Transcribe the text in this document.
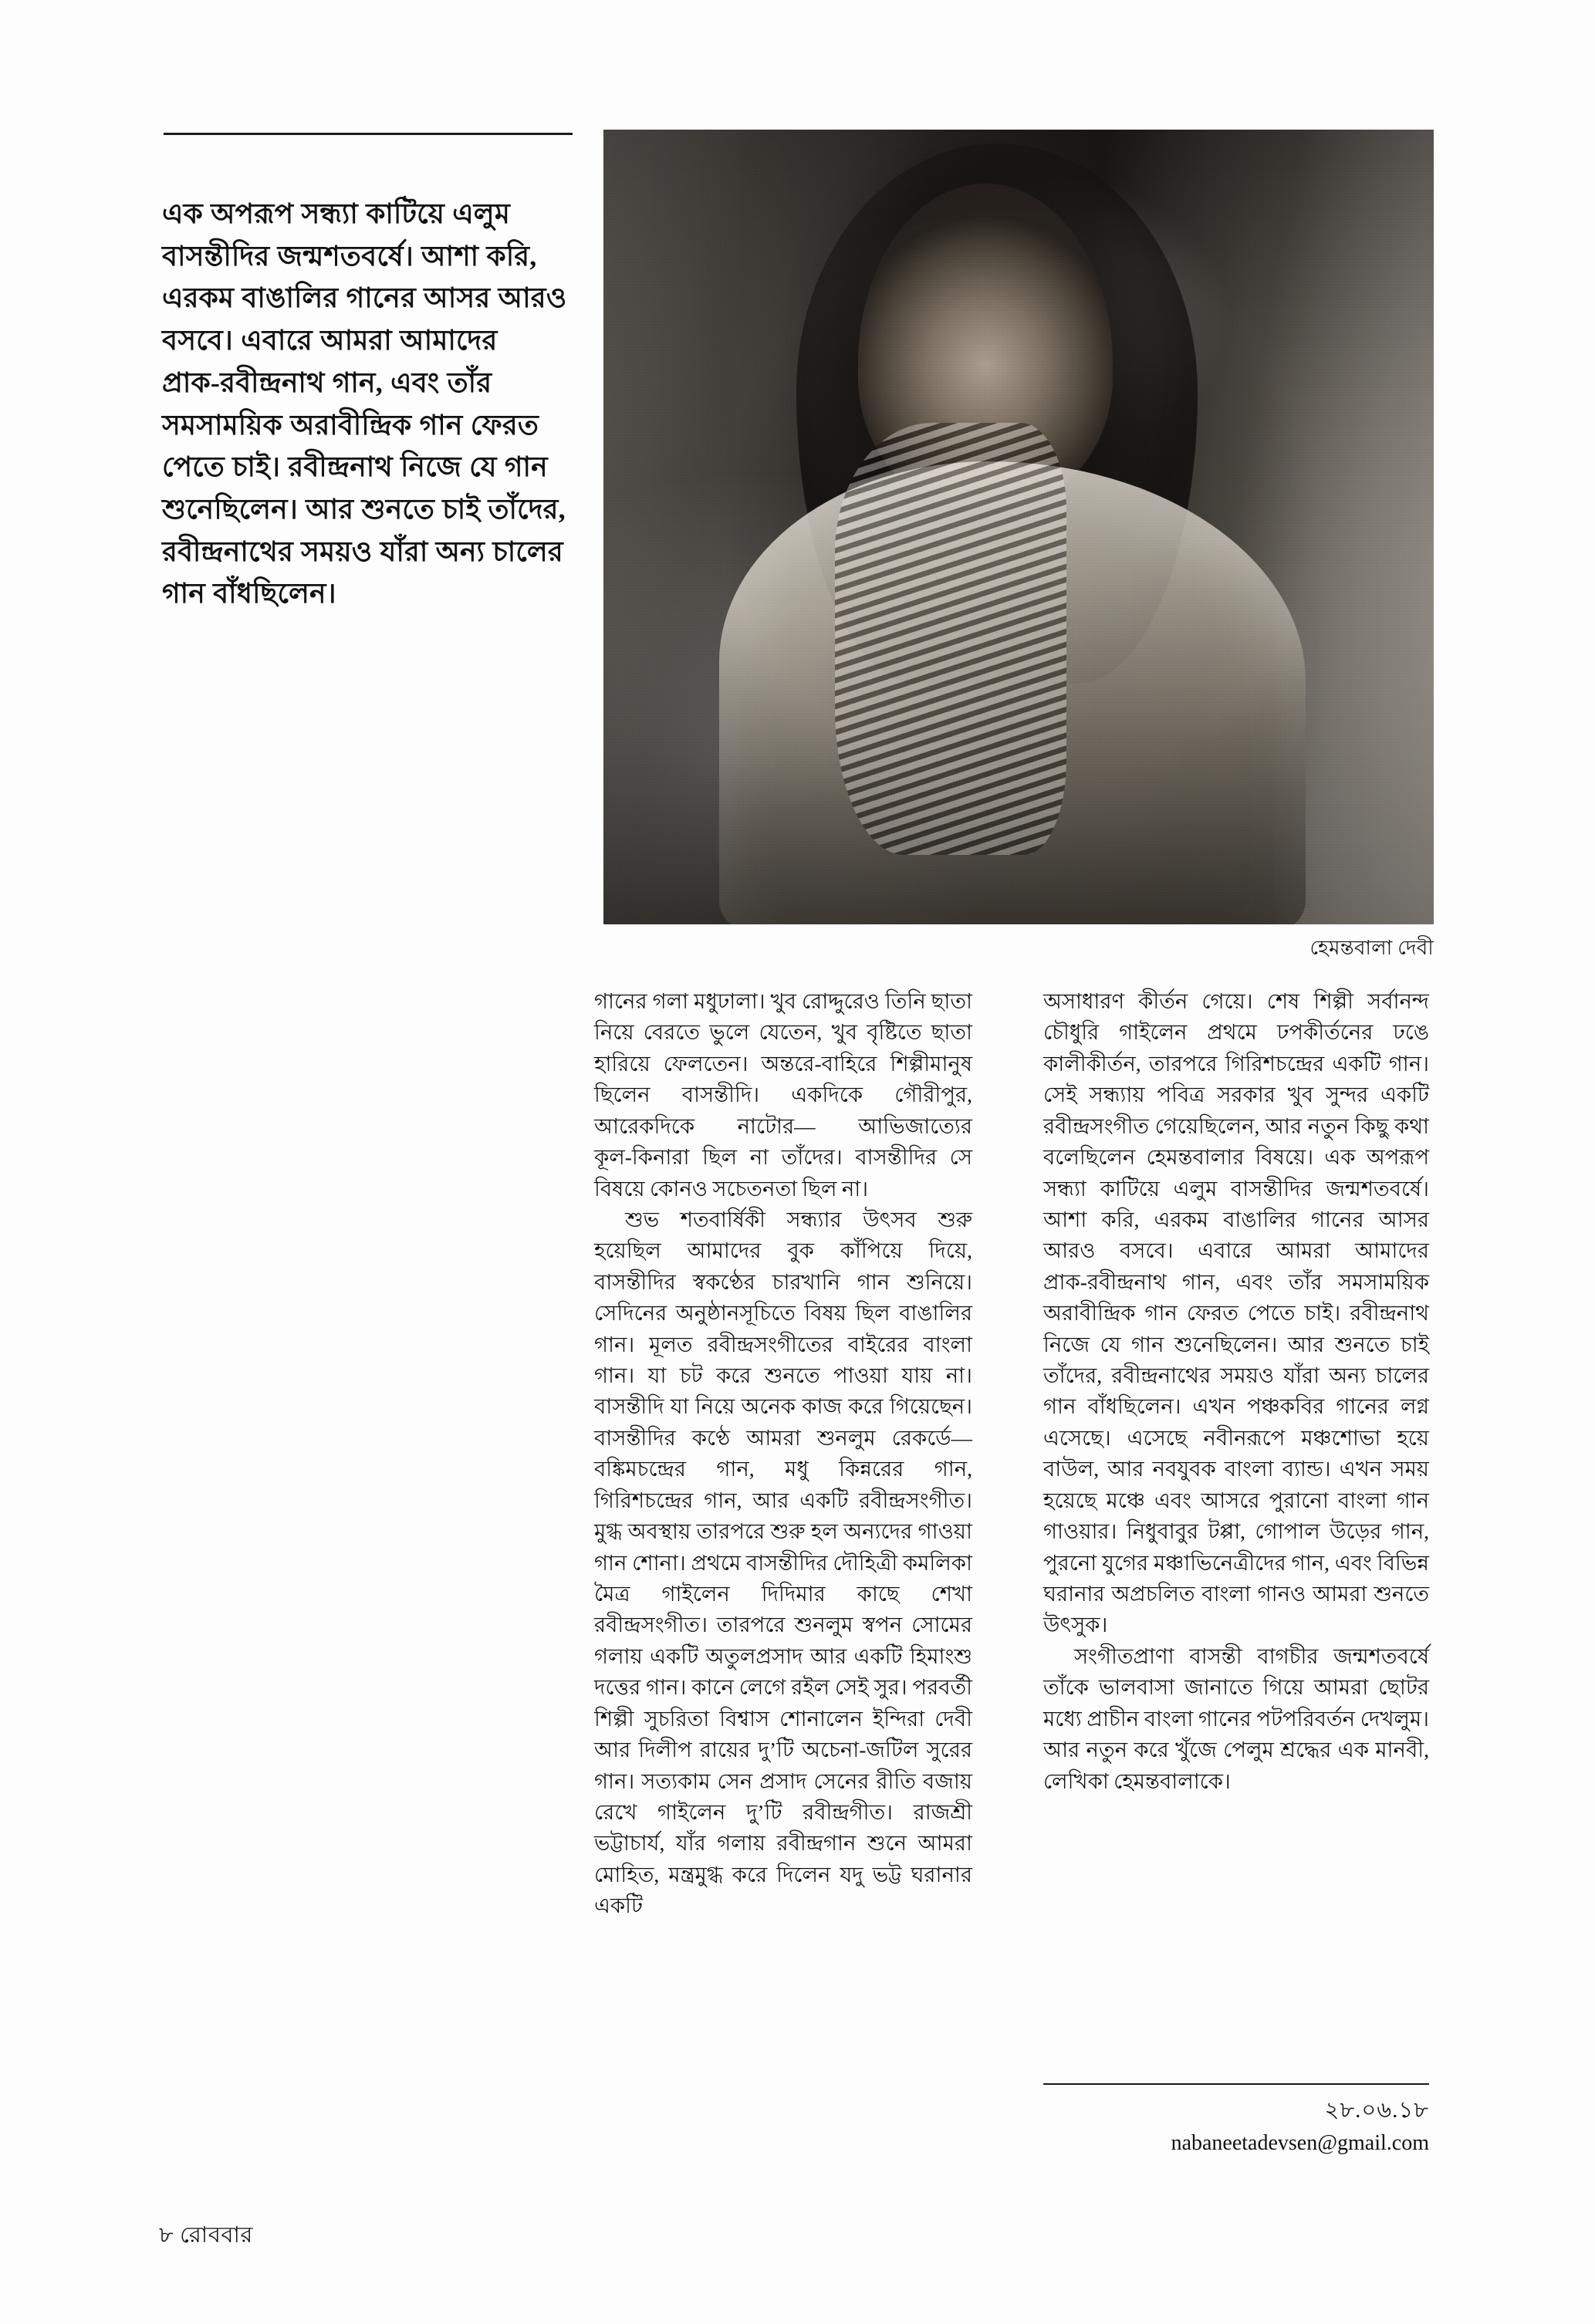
এক অপরূপ সন্ধ্যা কাটিয়ে এলুম বাসন্তীদির জন্মশতবর্ষে। আশা করি, এরকম বাঙালির গানের আসর আরও বসবে। এবারে আমরা আমাদের প্রাক‑রবীন্দ্রনাথ গান, এবং তাঁর সমসাময়িক অরাবীন্দ্রিক গান ফেরত পেতে চাই। রবীন্দ্রনাথ নিজে যে গান শুনেছিলেন। আর শুনতে চাই তাঁদের, রবীন্দ্রনাথের সময়ও যাঁরা অন্য চালের গান বাঁধছিলেন।
হেমন্তবালা দেবী

গানের গলা মধুঢালা। খুব রোদ্দুরেও তিনি ছাতা নিয়ে বেরতে ভুলে যেতেন, খুব বৃষ্টিতে ছাতা হারিয়ে ফেলতেন। অন্তরে‑বাহিরে শিল্পীমানুষ ছিলেন বাসন্তীদি। একদিকে গৌরীপুর, আরেকদিকে নাটোর— আভিজাত্যের কূল‑কিনারা ছিল না তাঁদের। বাসন্তীদির সে বিষয়ে কোনও সচেতনতা ছিল না।

শুভ শতবার্ষিকী সন্ধ্যার উৎসব শুরু হয়েছিল আমাদের বুক কাঁপিয়ে দিয়ে, বাসন্তীদির স্বকণ্ঠের চারখানি গান শুনিয়ে। সেদিনের অনুষ্ঠানসূচিতে বিষয় ছিল বাঙালির গান। মূলত রবীন্দ্রসংগীতের বাইরের বাংলা গান। যা চট করে শুনতে পাওয়া যায় না। বাসন্তীদি যা নিয়ে অনেক কাজ করে গিয়েছেন। বাসন্তীদির কণ্ঠে আমরা শুনলুম রেকর্ডে— বঙ্কিমচন্দ্রের গান, মধু কিন্নরের গান, গিরিশচন্দ্রের গান, আর একটি রবীন্দ্রসংগীত। মুগ্ধ অবস্থায় তারপরে শুরু হল অন্যদের গাওয়া গান শোনা। প্রথমে বাসন্তীদির দৌহিত্রী কমলিকা মৈত্র গাইলেন দিদিমার কাছে শেখা রবীন্দ্রসংগীত। তারপরে শুনলুম স্বপন সোমের গলায় একটি অতুলপ্রসাদ আর একটি হিমাংশু দত্তের গান। কানে লেগে রইল সেই সুর। পরবর্তী শিল্পী সুচরিতা বিশ্বাস শোনালেন ইন্দিরা দেবী আর দিলীপ রায়ের দু’টি অচেনা‑জটিল সুরের গান। সত্যকাম সেন প্রসাদ সেনের রীতি বজায় রেখে গাইলেন দু’টি রবীন্দ্রগীত। রাজশ্রী ভট্টাচার্য, যাঁর গলায় রবীন্দ্রগান শুনে আমরা মোহিত, মন্ত্রমুগ্ধ করে দিলেন যদু ভট্ট ঘরানার একটি

অসাধারণ কীর্তন গেয়ে। শেষ শিল্পী সর্বানন্দ চৌধুরি গাইলেন প্রথমে ঢপকীর্তনের ঢঙে কালীকীর্তন, তারপরে গিরিশচন্দ্রের একটি গান। সেই সন্ধ্যায় পবিত্র সরকার খুব সুন্দর একটি রবীন্দ্রসংগীত গেয়েছিলেন, আর নতুন কিছু কথা বলেছিলেন হেমন্তবালার বিষয়ে। এক অপরূপ সন্ধ্যা কাটিয়ে এলুম বাসন্তীদির জন্মশতবর্ষে। আশা করি, এরকম বাঙালির গানের আসর আরও বসবে। এবারে আমরা আমাদের প্রাক‑রবীন্দ্রনাথ গান, এবং তাঁর সমসাময়িক অরাবীন্দ্রিক গান ফেরত পেতে চাই। রবীন্দ্রনাথ নিজে যে গান শুনেছিলেন। আর শুনতে চাই তাঁদের, রবীন্দ্রনাথের সময়ও যাঁরা অন্য চালের গান বাঁধছিলেন। এখন পঞ্চকবির গানের লগ্ন এসেছে। এসেছে নবীনরূপে মঞ্চশোভা হয়ে বাউল, আর নবযুবক বাংলা ব্যান্ড। এখন সময় হয়েছে মঞ্চে এবং আসরে পুরানো বাংলা গান গাওয়ার। নিধুবাবুর টপ্পা, গোপাল উড়ের গান, পুরনো যুগের মঞ্চাভিনেত্রীদের গান, এবং বিভিন্ন ঘরানার অপ্রচলিত বাংলা গানও আমরা শুনতে উৎসুক।

সংগীতপ্রাণা বাসন্তী বাগচীর জন্মশতবর্ষে তাঁকে ভালবাসা জানাতে গিয়ে আমরা ছোটর মধ্যে প্রাচীন বাংলা গানের পটপরিবর্তন দেখলুম। আর নতুন করে খুঁজে পেলুম শ্রদ্ধের এক মানবী, লেখিকা হেমন্তবালাকে।

২৮.০৬.১৮
nabaneetadevsen@gmail.com
৮ রোববার
